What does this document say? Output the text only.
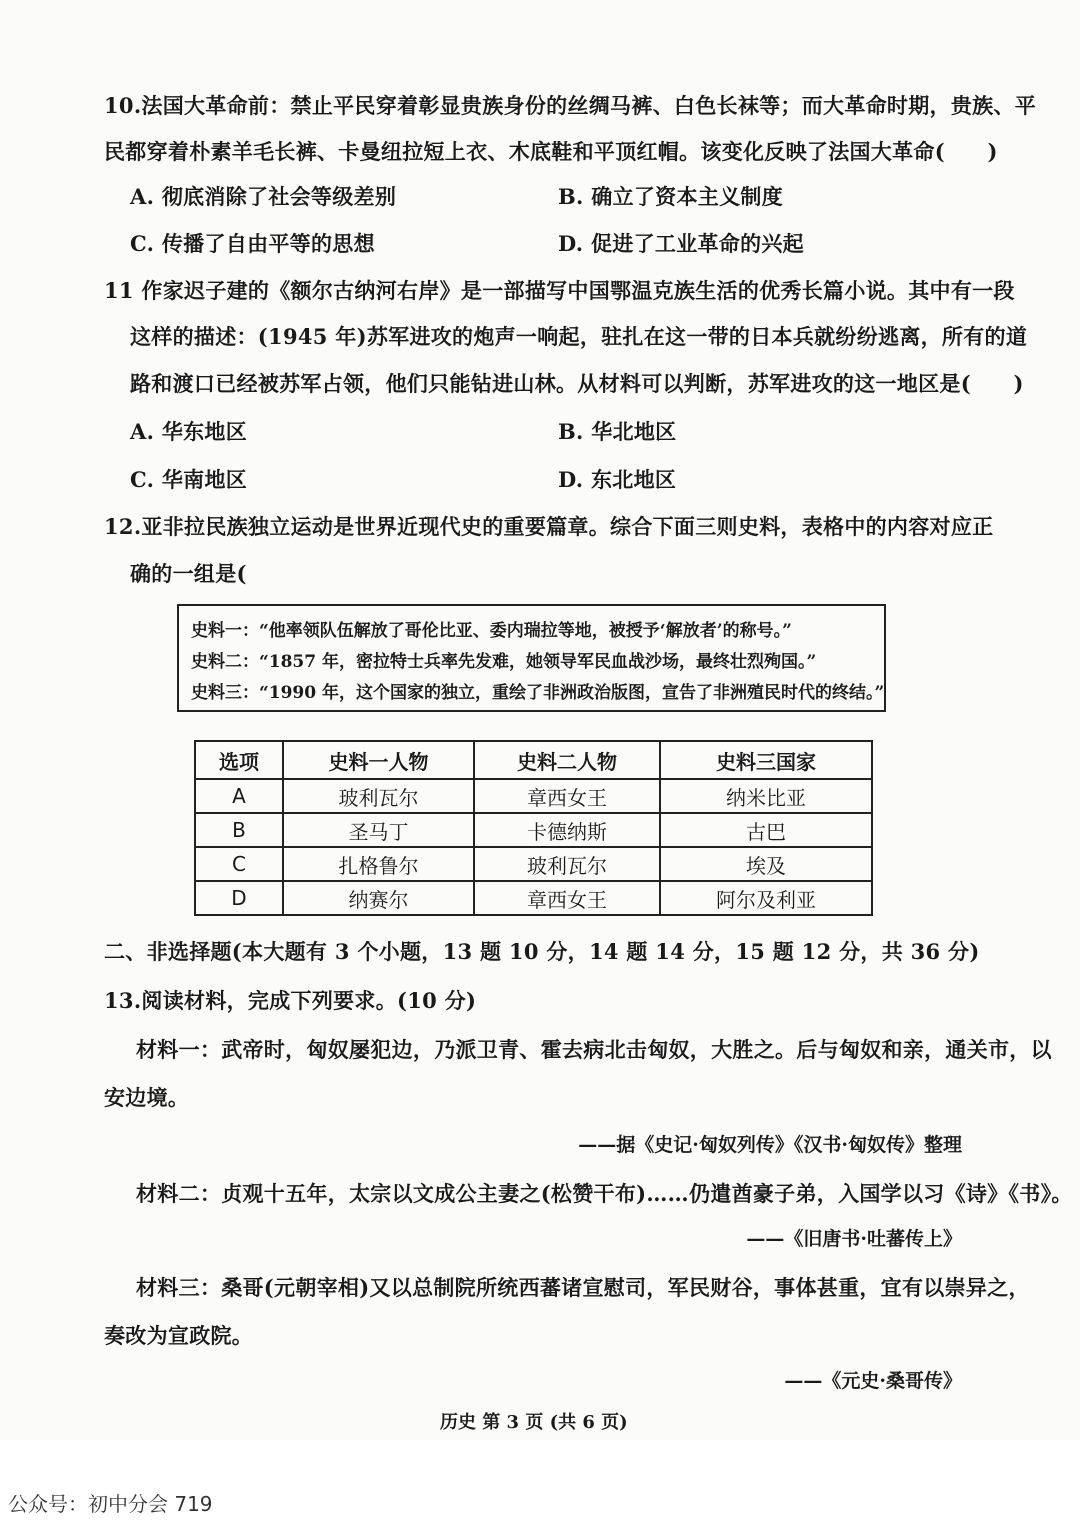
10.法国大革命前：禁止平民穿着彰显贵族身份的丝绸马裤、白色长袜等；而大革命时期，贵族、平
民都穿着朴素羊毛长裤、卡曼纽拉短上衣、木底鞋和平顶红帽。该变化反映了法国大革命(　　)
A. 彻底消除了社会等级差别	B. 确立了资本主义制度
C. 传播了自由平等的思想	D. 促进了工业革命的兴起
11 作家迟子建的《额尔古纳河右岸》是一部描写中国鄂温克族生活的优秀长篇小说。其中有一段
这样的描述：(1945 年)苏军进攻的炮声一响起，驻扎在这一带的日本兵就纷纷逃离，所有的道
路和渡口已经被苏军占领，他们只能钻进山林。从材料可以判断，苏军进攻的这一地区是(　　)
A. 华东地区	B. 华北地区
C. 华南地区	D. 东北地区
12.亚非拉民族独立运动是世界近现代史的重要篇章。综合下面三则史料，表格中的内容对应正
确的一组是(
史料一：“他率领队伍解放了哥伦比亚、委内瑞拉等地，被授予‘解放者’的称号。”
史料二：“1857 年，密拉特士兵率先发难，她领导军民血战沙场，最终壮烈殉国。”
史料三：“1990 年，这个国家的独立，重绘了非洲政治版图，宣告了非洲殖民时代的终结。”
选项	史料一人物	史料二人物	史料三国家
A	玻利瓦尔	章西女王	纳米比亚
B	圣马丁	卡德纳斯	古巴
C	扎格鲁尔	玻利瓦尔	埃及
D	纳赛尔	章西女王	阿尔及利亚
二、非选择题(本大题有 3 个小题，13 题 10 分，14 题 14 分，15 题 12 分，共 36 分)
13.阅读材料，完成下列要求。(10 分)
材料一：武帝时，匈奴屡犯边，乃派卫青、霍去病北击匈奴，大胜之。后与匈奴和亲，通关市，以
安边境。
——据《史记·匈奴列传》《汉书·匈奴传》整理
材料二：贞观十五年，太宗以文成公主妻之(松赞干布)……仍遣酋豪子弟，入国学以习《诗》《书》。
——《旧唐书·吐蕃传上》
材料三：桑哥(元朝宰相)又以总制院所统西蕃诸宣慰司，军民财谷，事体甚重，宜有以崇异之，
奏改为宣政院。
——《元史·桑哥传》
历史 第 3 页 (共 6 页)
公众号：初中分会 719
